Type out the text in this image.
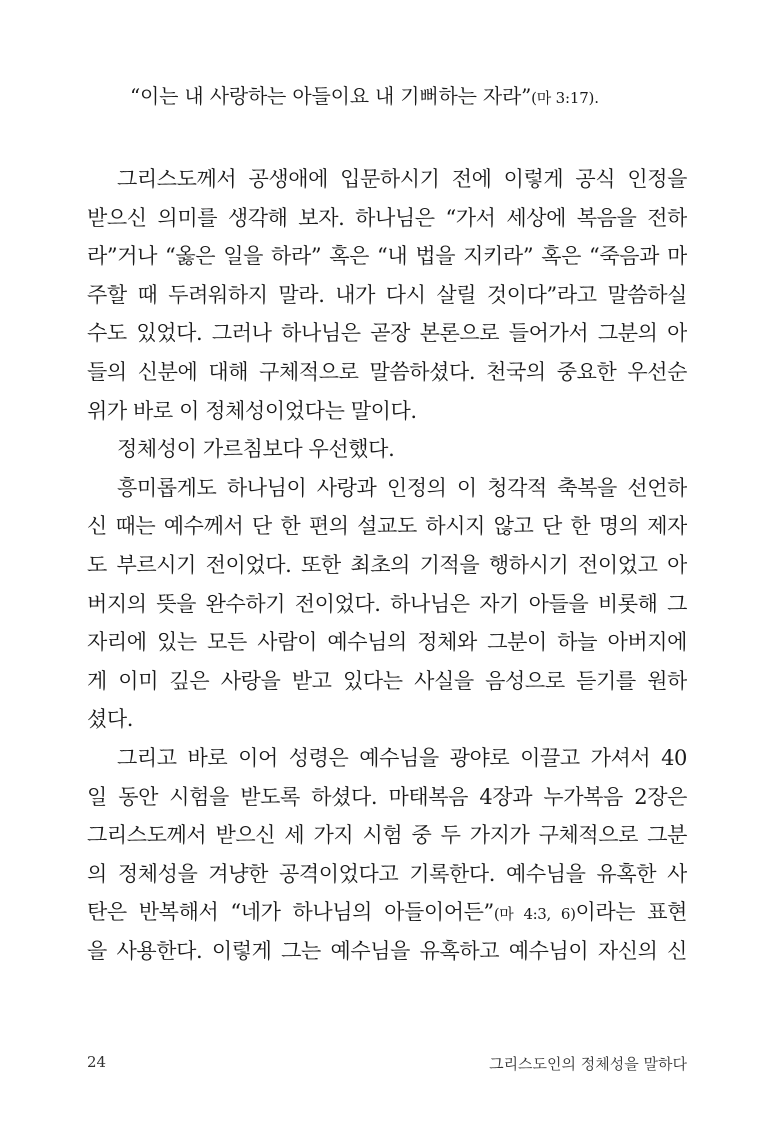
“이는 내 사랑하는 아들이요 내 기뻐하는 자라”(마 3:17).
그리스도께서 공생애에 입문하시기 전에 이렇게 공식 인정을
받으신 의미를 생각해 보자. 하나님은 “가서 세상에 복음을 전하
라”거나 “옳은 일을 하라” 혹은 “내 법을 지키라” 혹은 “죽음과 마
주할 때 두려워하지 말라. 내가 다시 살릴 것이다”라고 말씀하실
수도 있었다. 그러나 하나님은 곧장 본론으로 들어가서 그분의 아
들의 신분에 대해 구체적으로 말씀하셨다. 천국의 중요한 우선순
위가 바로 이 정체성이었다는 말이다.
정체성이 가르침보다 우선했다.
흥미롭게도 하나님이 사랑과 인정의 이 청각적 축복을 선언하
신 때는 예수께서 단 한 편의 설교도 하시지 않고 단 한 명의 제자
도 부르시기 전이었다. 또한 최초의 기적을 행하시기 전이었고 아
버지의 뜻을 완수하기 전이었다. 하나님은 자기 아들을 비롯해 그
자리에 있는 모든 사람이 예수님의 정체와 그분이 하늘 아버지에
게 이미 깊은 사랑을 받고 있다는 사실을 음성으로 듣기를 원하
셨다.
그리고 바로 이어 성령은 예수님을 광야로 이끌고 가셔서 40
일 동안 시험을 받도록 하셨다. 마태복음 4장과 누가복음 2장은
그리스도께서 받으신 세 가지 시험 중 두 가지가 구체적으로 그분
의 정체성을 겨냥한 공격이었다고 기록한다. 예수님을 유혹한 사
탄은 반복해서 “네가 하나님의 아들이어든”(마 4:3, 6)이라는 표현
을 사용한다. 이렇게 그는 예수님을 유혹하고 예수님이 자신의 신
24	그리스도인의 정체성을 말하다
